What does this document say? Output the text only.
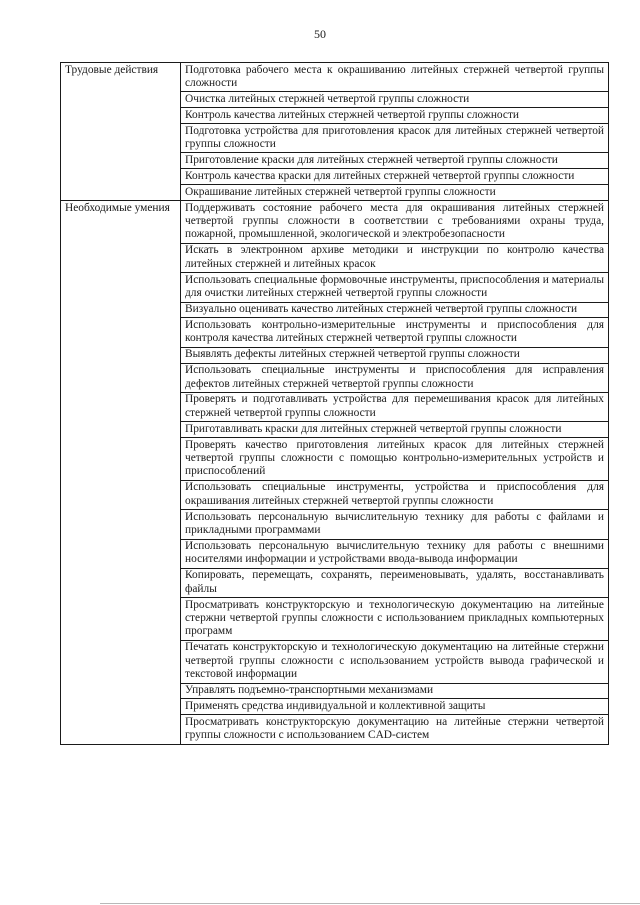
50
Трудовые действия	Подготовка рабочего места к окрашиванию литейных стержней четвертой группы сложности
	Очистка литейных стержней четвертой группы сложности
	Контроль качества литейных стержней четвертой группы сложности
	Подготовка устройства для приготовления красок для литейных стержней четвертой группы сложности
	Приготовление краски для литейных стержней четвертой группы сложности
	Контроль качества краски для литейных стержней четвертой группы сложности
	Окрашивание литейных стержней четвертой группы сложности
Необходимые умения	Поддерживать состояние рабочего места для окрашивания литейных стержней четвертой группы сложности в соответствии с требованиями охраны труда, пожарной, промышленной, экологической и электробезопасности
	Искать в электронном архиве методики и инструкции по контролю качества литейных стержней и литейных красок
	Использовать специальные формовочные инструменты, приспособления и материалы для очистки литейных стержней четвертой группы сложности
	Визуально оценивать качество литейных стержней четвертой группы сложности
	Использовать контрольно-измерительные инструменты и приспособления для контроля качества литейных стержней четвертой группы сложности
	Выявлять дефекты литейных стержней четвертой группы сложности
	Использовать специальные инструменты и приспособления для исправления дефектов литейных стержней четвертой группы сложности
	Проверять и подготавливать устройства для перемешивания красок для литейных стержней четвертой группы сложности
	Приготавливать краски для литейных стержней четвертой группы сложности
	Проверять качество приготовления литейных красок для литейных стержней четвертой группы сложности с помощью контрольно-измерительных устройств и приспособлений
	Использовать специальные инструменты, устройства и приспособления для окрашивания литейных стержней четвертой группы сложности
	Использовать персональную вычислительную технику для работы с файлами и прикладными программами
	Использовать персональную вычислительную технику для работы с внешними носителями информации и устройствами ввода-вывода информации
	Копировать, перемещать, сохранять, переименовывать, удалять, восстанавливать файлы
	Просматривать конструкторскую и технологическую документацию на литейные стержни четвертой группы сложности с использованием прикладных компьютерных программ
	Печатать конструкторскую и технологическую документацию на литейные стержни четвертой группы сложности с использованием устройств вывода графической и текстовой информации
	Управлять подъемно-транспортными механизмами
	Применять средства индивидуальной и коллективной защиты
	Просматривать конструкторскую документацию на литейные стержни четвертой группы сложности с использованием CAD-систем
